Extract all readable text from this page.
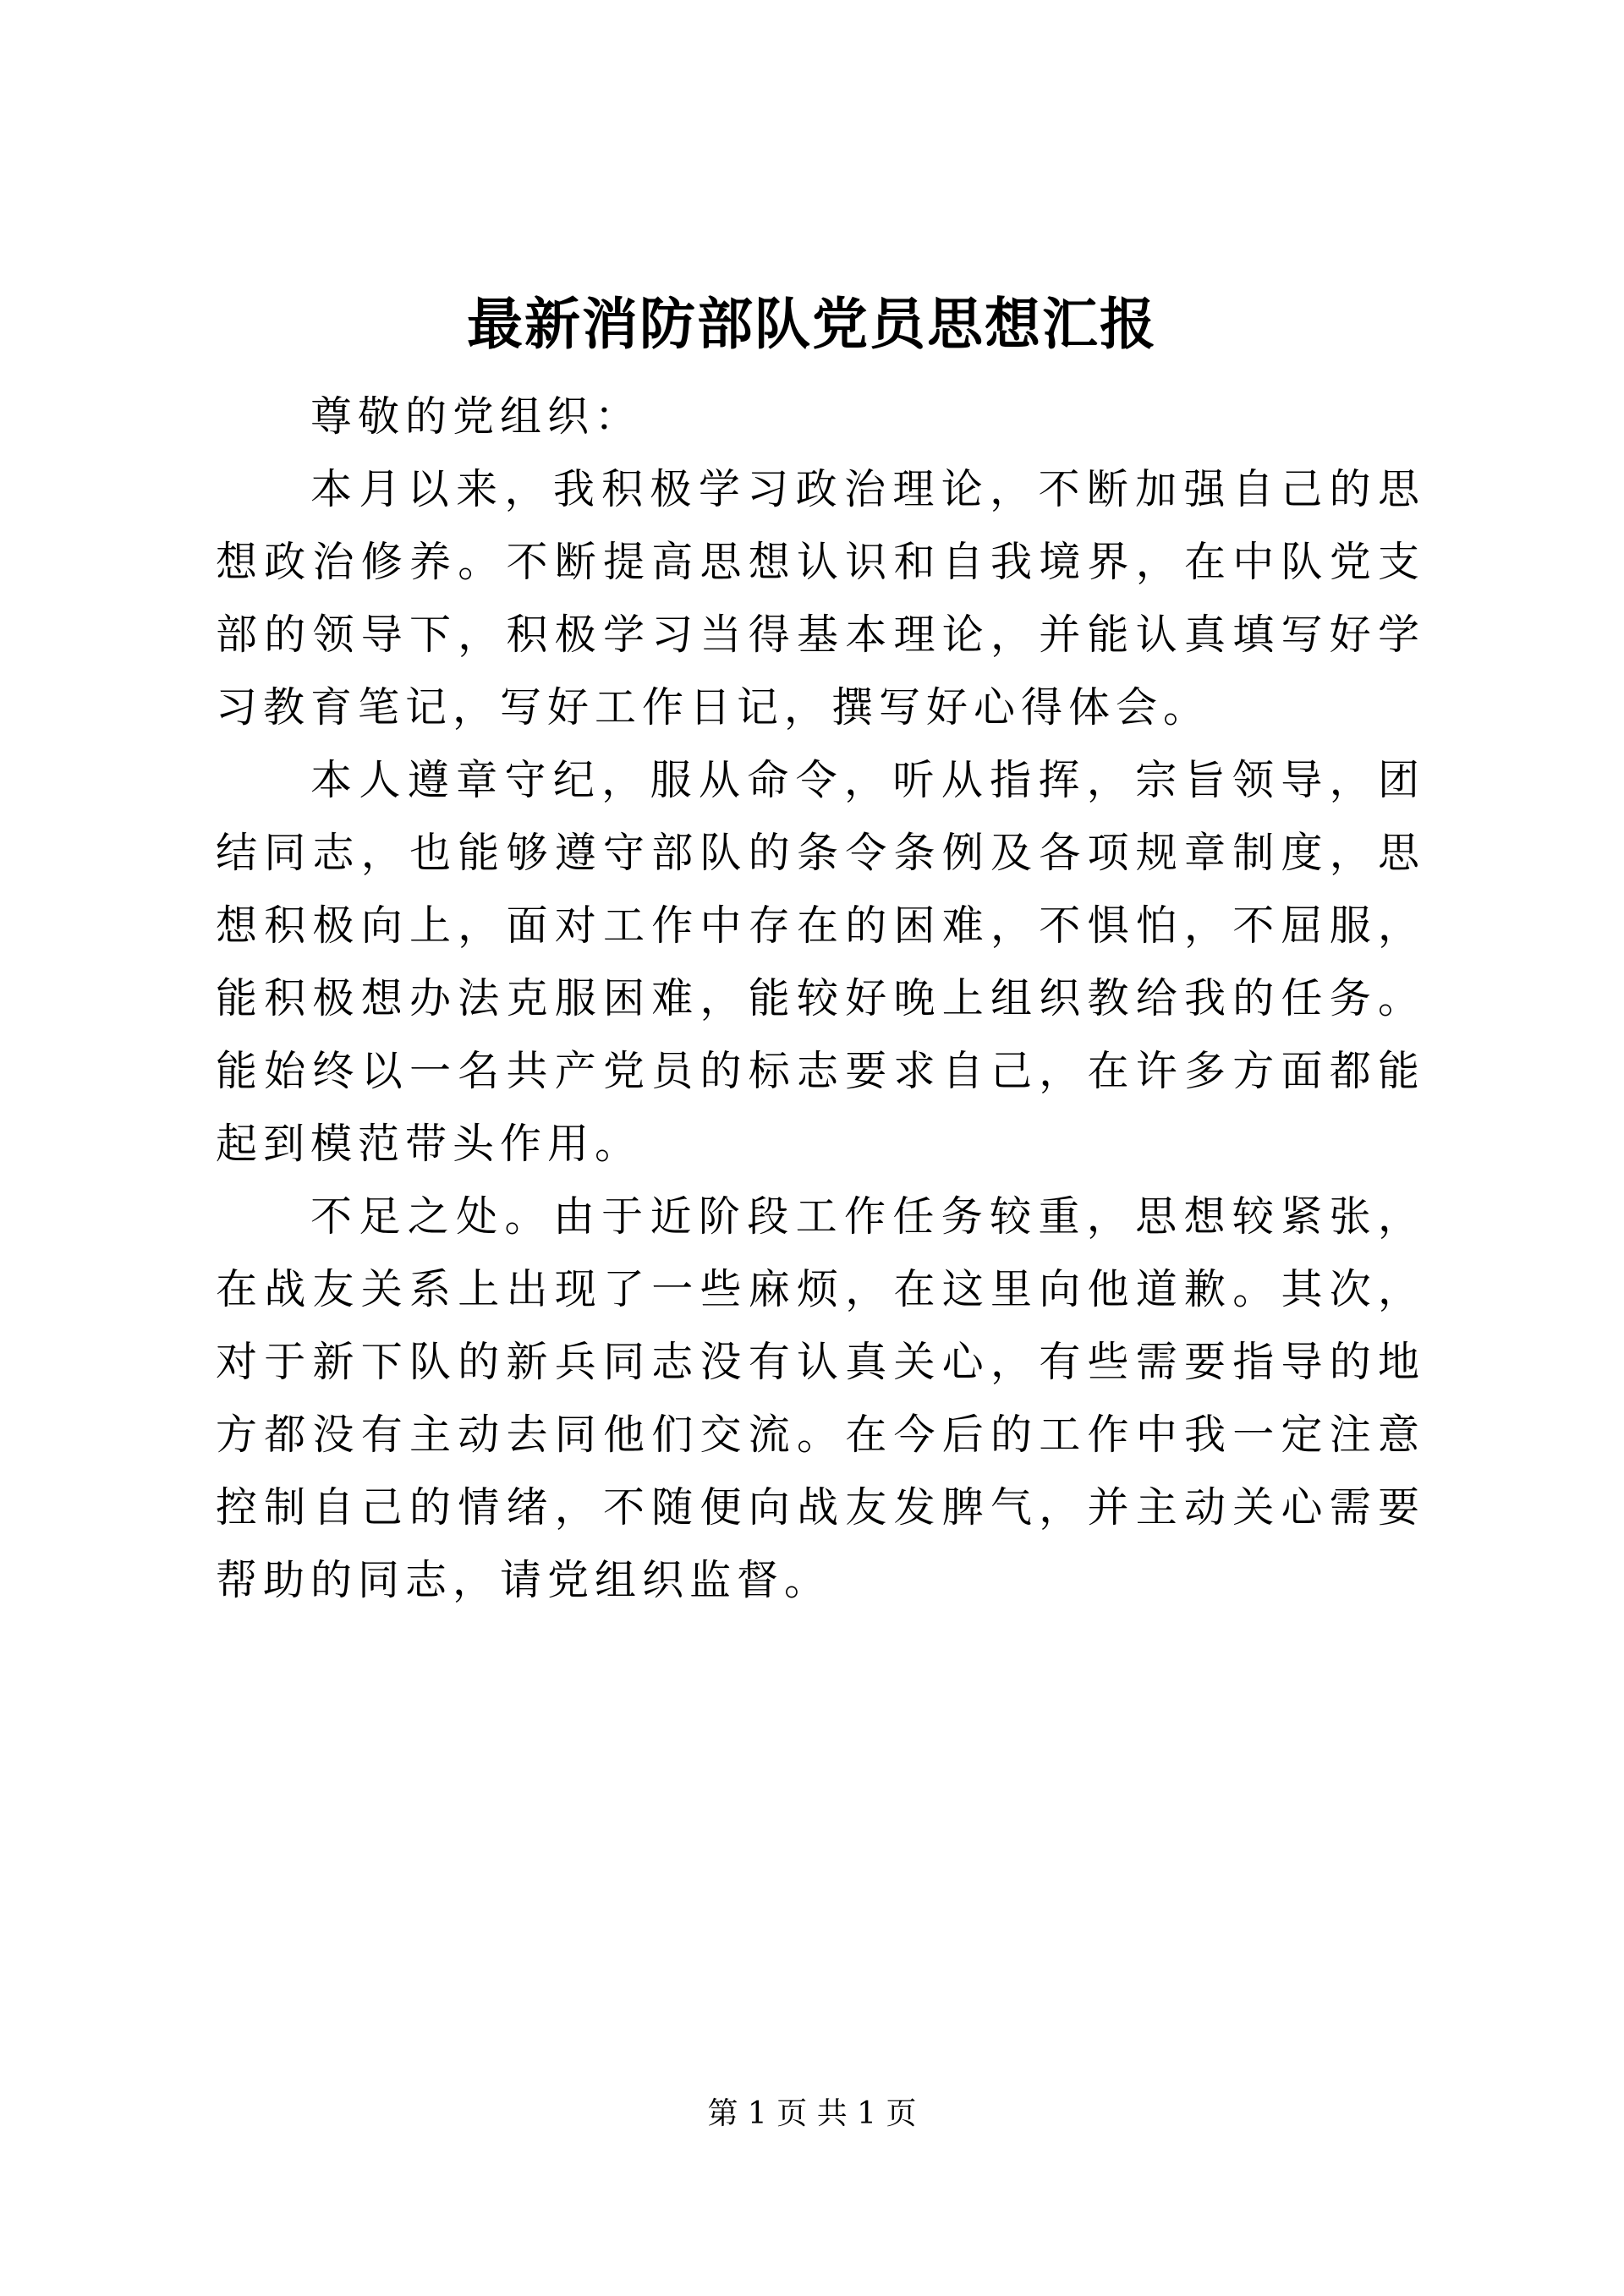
最新消防部队党员思想汇报

尊敬的党组织：

本月以来，我积极学习政治理论，不断加强自己的思想政治修养。不断提高思想认识和自我境界，在中队党支部的领导下，积极学习当得基本理论，并能认真填写好学习教育笔记，写好工作日记，撰写好心得体会。

本人遵章守纪，服从命令，听从指挥，宗旨领导，团结同志，也能够遵守部队的条令条例及各项规章制度，思想积极向上，面对工作中存在的困难，不惧怕，不屈服，能积极想办法克服困难，能较好晚上组织教给我的任务。能始终以一名共产党员的标志要求自己，在许多方面都能起到模范带头作用。

不足之处。由于近阶段工作任务较重，思想较紧张，在战友关系上出现了一些麻烦，在这里向他道歉。其次，对于新下队的新兵同志没有认真关心，有些需要指导的地方都没有主动去同他们交流。在今后的工作中我一定注意控制自己的情绪，不随便向战友发脾气，并主动关心需要帮助的同志，请党组织监督。

第 1 页 共 1 页
